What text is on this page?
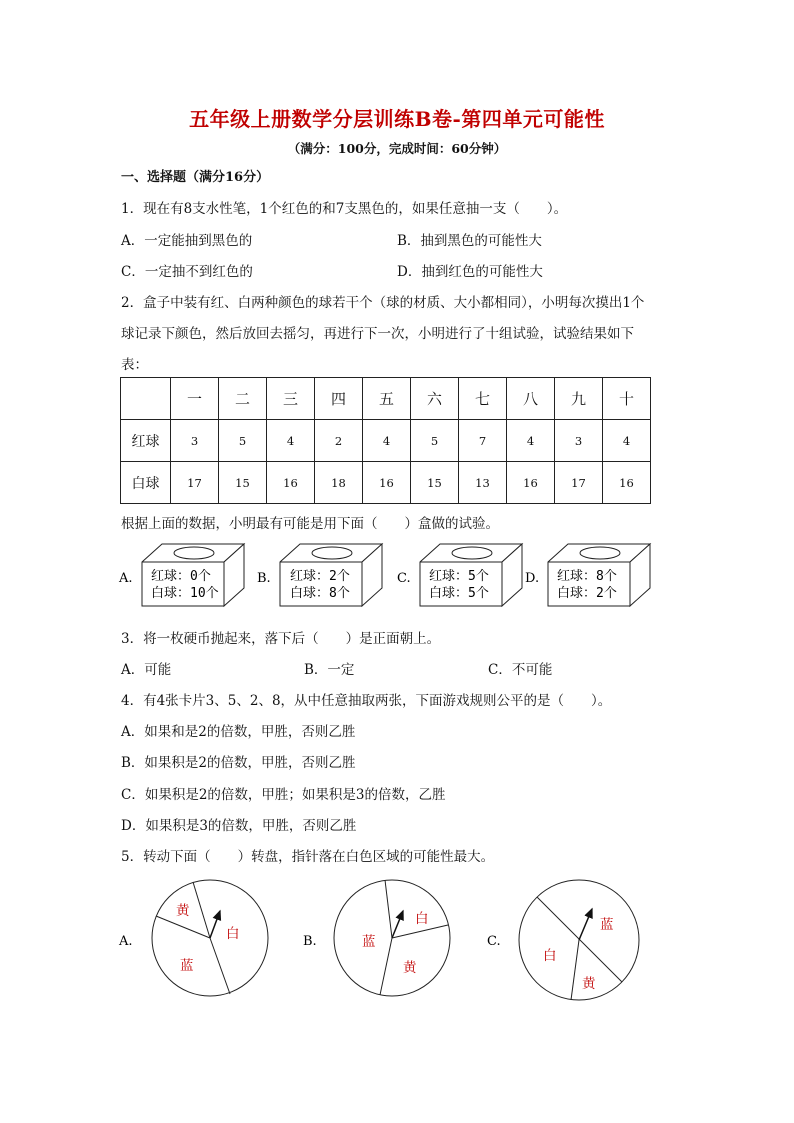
五年级上册数学分层训练B卷-第四单元可能性
（满分：100分，完成时间：60分钟）
一、选择题（满分16分）
1．现在有8支水性笔，1个红色的和7支黑色的，如果任意抽一支（　　）。
A．一定能抽到黑色的	B．抽到黑色的可能性大
C．一定抽不到红色的	D．抽到红色的可能性大
2．盒子中装有红、白两种颜色的球若干个（球的材质、大小都相同），小明每次摸出1个
球记录下颜色，然后放回去摇匀，再进行下一次，小明进行了十组试验，试验结果如下
表：
	一	二	三	四	五	六	七	八	九	十
红球	3	5	4	2	4	5	7	4	3	4
白球	17	15	16	18	16	15	13	16	17	16
根据上面的数据，小明最有可能是用下面（　　）盒做的试验。
A. 红球：0个
白球：10个
B. 红球：2个
白球：8个
C. 红球：5个
白球：5个
D. 红球：8个
白球：2个
3．将一枚硬币抛起来，落下后（　　）是正面朝上。
A．可能	B．一定	C．不可能
4．有4张卡片3、5、2、8，从中任意抽取两张，下面游戏规则公平的是（　　）。
A．如果和是2的倍数，甲胜，否则乙胜
B．如果积是2的倍数，甲胜，否则乙胜
C．如果积是2的倍数，甲胜；如果积是3的倍数，乙胜
D．如果积是3的倍数，甲胜，否则乙胜
5．转动下面（　　）转盘，指针落在白色区域的可能性最大。
A.
黄
白
蓝
B.	蓝
白
黄
C.
白
蓝
黄
